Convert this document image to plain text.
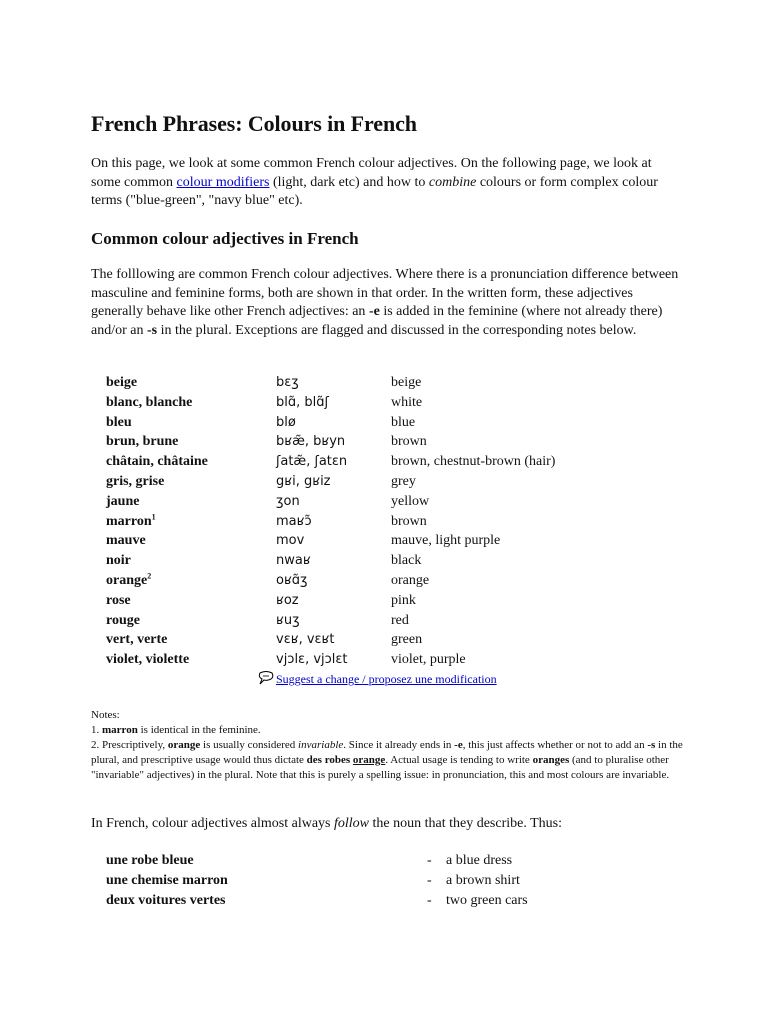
French Phrases: Colours in French

On this page, we look at some common French colour adjectives. On the following page, we look at some common colour modifiers (light, dark etc) and how to combine colours or form complex colour terms ("blue-green", "navy blue" etc).

Common colour adjectives in French

The folllowing are common French colour adjectives. Where there is a pronunciation difference between masculine and feminine forms, both are shown in that order. In the written form, these adjectives generally behave like other French adjectives: an -e is added in the feminine (where not already there) and/or an -s in the plural. Exceptions are flagged and discussed in the corresponding notes below.

beige	bɛʒ	beige
blanc, blanche	blɑ̃, blɑ̃ʃ	white
bleu	blø	blue
brun, brune	bʁæ̃, bʁyn	brown
châtain, châtaine	ʃatæ̃, ʃatɛn	brown, chestnut-brown (hair)
gris, grise	gʁi, gʁiz	grey
jaune	ʒon	yellow
marron$^1$	maʁɔ̃	brown
mauve	mov	mauve, light purple
noir	nwaʁ	black
orange$^2$	oʁɑ̃ʒ	orange
rose	ʁoz	pink
rouge	ʁuʒ	red
vert, verte	vɛʁ, vɛʁt	green
violet, violette	vjɔlɛ, vjɔlɛt	violet, purple
Suggest a change / proposez une modification

Notes:

1. marron is identical in the feminine.

2. Prescriptively, orange is usually considered invariable. Since it already ends in -e, this just affects whether or not to add an -s in the plural, and prescriptive usage would thus dictate des robes orange. Actual usage is tending to write oranges (and to pluralise other "invariable" adjectives) in the plural. Note that this is purely a spelling issue: in pronunciation, this and most colours are invariable.

In French, colour adjectives almost always follow the noun that they describe. Thus:

une robe bleue	- a blue dress
une chemise marron	- a brown shirt
deux voitures vertes	- two green cars
